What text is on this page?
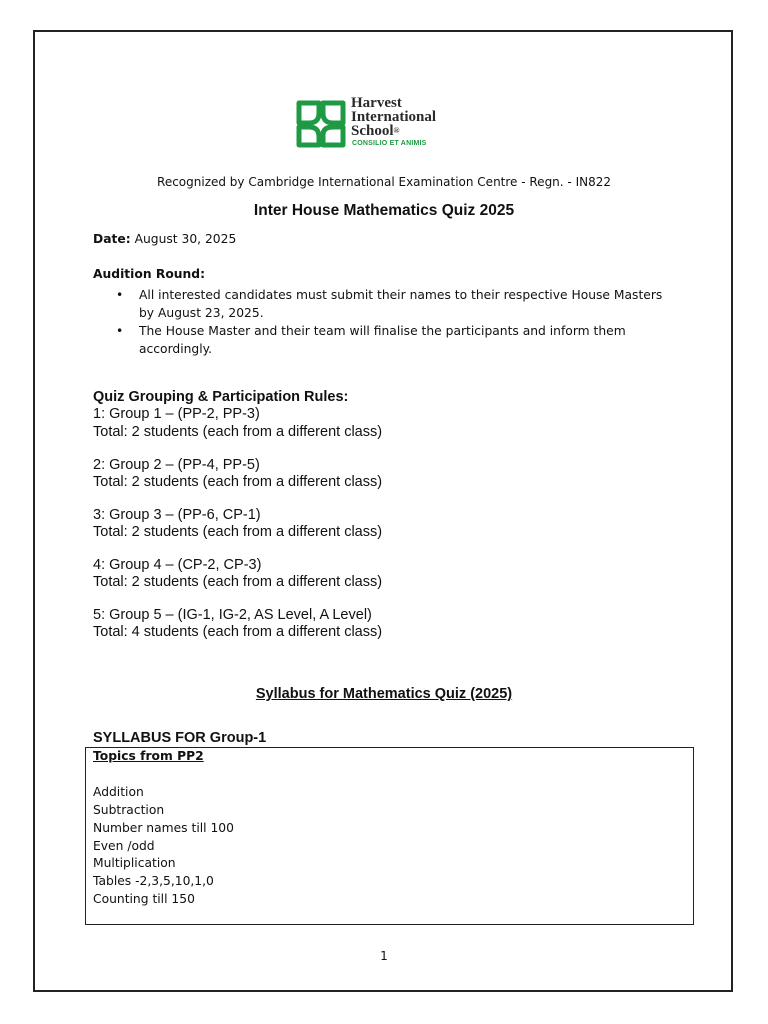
Harvest
International
School®
CONSILIO ET ANIMIS
Recognized by Cambridge International Examination Centre - Regn. - IN822
Inter House Mathematics Quiz 2025
Date: August 30, 2025
Audition Round:
• All interested candidates must submit their names to their respective House Masters
by August 23, 2025.
• The House Master and their team will finalise the participants and inform them
accordingly.
Quiz Grouping & Participation Rules:
1: Group 1 – (PP-2, PP-3)
Total: 2 students (each from a different class)
2: Group 2 – (PP-4, PP-5)
Total: 2 students (each from a different class)
3: Group 3 – (PP-6, CP-1)
Total: 2 students (each from a different class)
4: Group 4 – (CP-2, CP-3)
Total: 2 students (each from a different class)
5: Group 5 – (IG-1, IG-2, AS Level, A Level)
Total: 4 students (each from a different class)
Syllabus for Mathematics Quiz (2025)
SYLLABUS FOR Group-1
Topics from PP2
Addition
Subtraction
Number names till 100
Even /odd
Multiplication
Tables -2,3,5,10,1,0
Counting till 150
1
